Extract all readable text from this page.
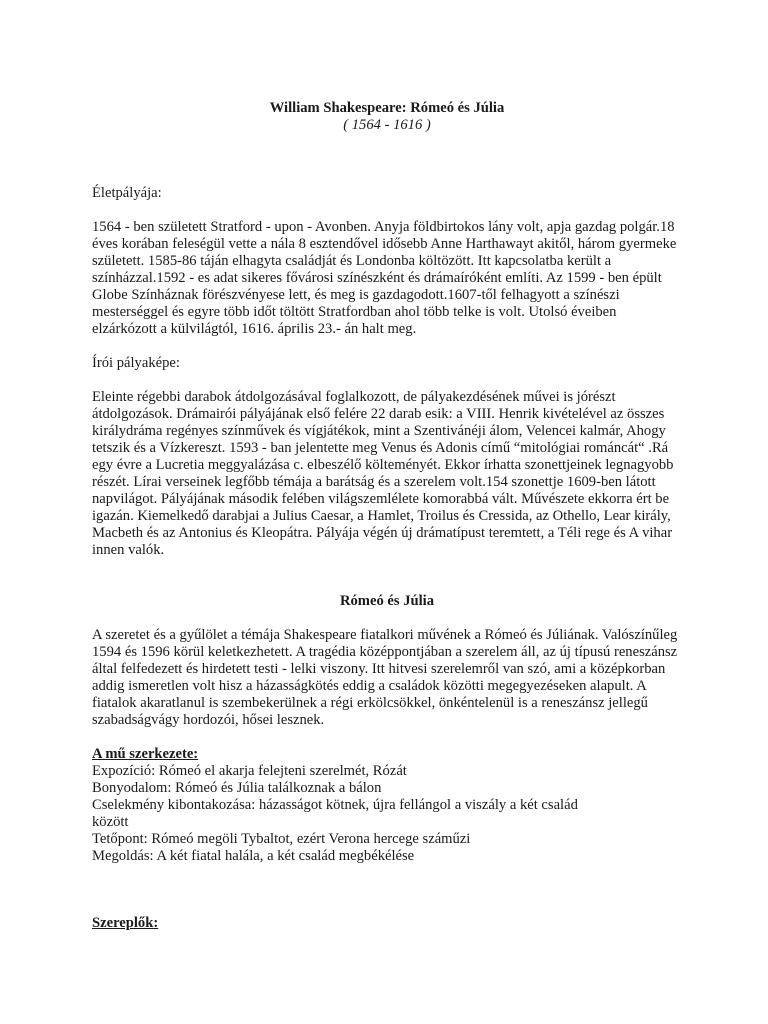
William Shakespeare: Rómeó és Júlia

( 1564 - 1616 )

Életpályája:

1564 - ben született Stratford - upon - Avonben. Anyja földbirtokos lány volt, apja gazdag polgár.18 éves korában feleségül vette a nála 8 esztendővel idősebb Anne Harthawayt akitől, három gyermeke született. 1585-86 táján elhagyta családját és Londonba költözött. Itt kapcsolatba került a színházzal.1592 - es adat sikeres fővárosi színészként és drámaíróként említi. Az 1599 - ben épült Globe Színháznak förészvényese lett, és meg is gazdagodott.1607-től felhagyott a színészi mesterséggel és egyre több időt töltött Stratfordban ahol több telke is volt. Utolsó éveiben elzárkózott a külvilágtól, 1616. április 23.- án halt meg.

Írói pályaképe:

Eleinte régebbi darabok átdolgozásával foglalkozott, de pályakezdésének művei is jórészt átdolgozások. Drámairói pályájának első felére 22 darab esik: a VIII. Henrik kivételével az összes királydráma regényes színművek és vígjátékok, mint a Szentivánéji álom, Velencei kalmár, Ahogy tetszik és a Vízkereszt. 1593 - ban jelentette meg Venus és Adonis című “mitológiai románcát“ .Rá egy évre a Lucretia meggyalázása c. elbeszélő költeményét. Ekkor írhatta szonettjeinek legnagyobb részét. Lírai verseinek legfőbb témája a barátság és a szerelem volt.154 szonettje 1609-ben látott napvilágot. Pályájának második felében világszemlélete komorabbá vált. Művészete ekkorra ért be igazán. Kiemelkedő darabjai a Julius Caesar, a Hamlet, Troilus és Cressida, az Othello, Lear király, Macbeth és az Antonius és Kleopátra. Pályája végén új drámatípust teremtett, a Téli rege és A vihar innen valók.

Rómeó és Júlia

A szeretet és a gyűlölet a témája Shakespeare fiatalkori művének a Rómeó és Júliának. Valószínűleg 1594 és 1596 körül keletkezhetett. A tragédia középpontjában a szerelem áll, az új típusú reneszánsz által felfedezett és hirdetett testi - lelki viszony. Itt hitvesi szerelemről van szó, ami a középkorban addig ismeretlen volt hisz a házasságkötés eddig a családok közötti megegyezéseken alapult. A fiatalok akaratlanul is szembekerülnek a régi erkölcsökkel, önkéntelenül is a reneszánsz jellegű szabadságvágy hordozói, hősei lesznek.

A mű szerkezete:

Expozíció: Rómeó el akarja felejteni szerelmét, Rózát

Bonyodalom: Rómeó és Júlia találkoznak a bálon

Cselekmény kibontakozása: házasságot kötnek, újra fellángol a viszály a két család

között

Tetőpont: Rómeó megöli Tybaltot, ezért Verona hercege száműzi

Megoldás: A két fiatal halála, a két család megbékélése

Szereplők:
